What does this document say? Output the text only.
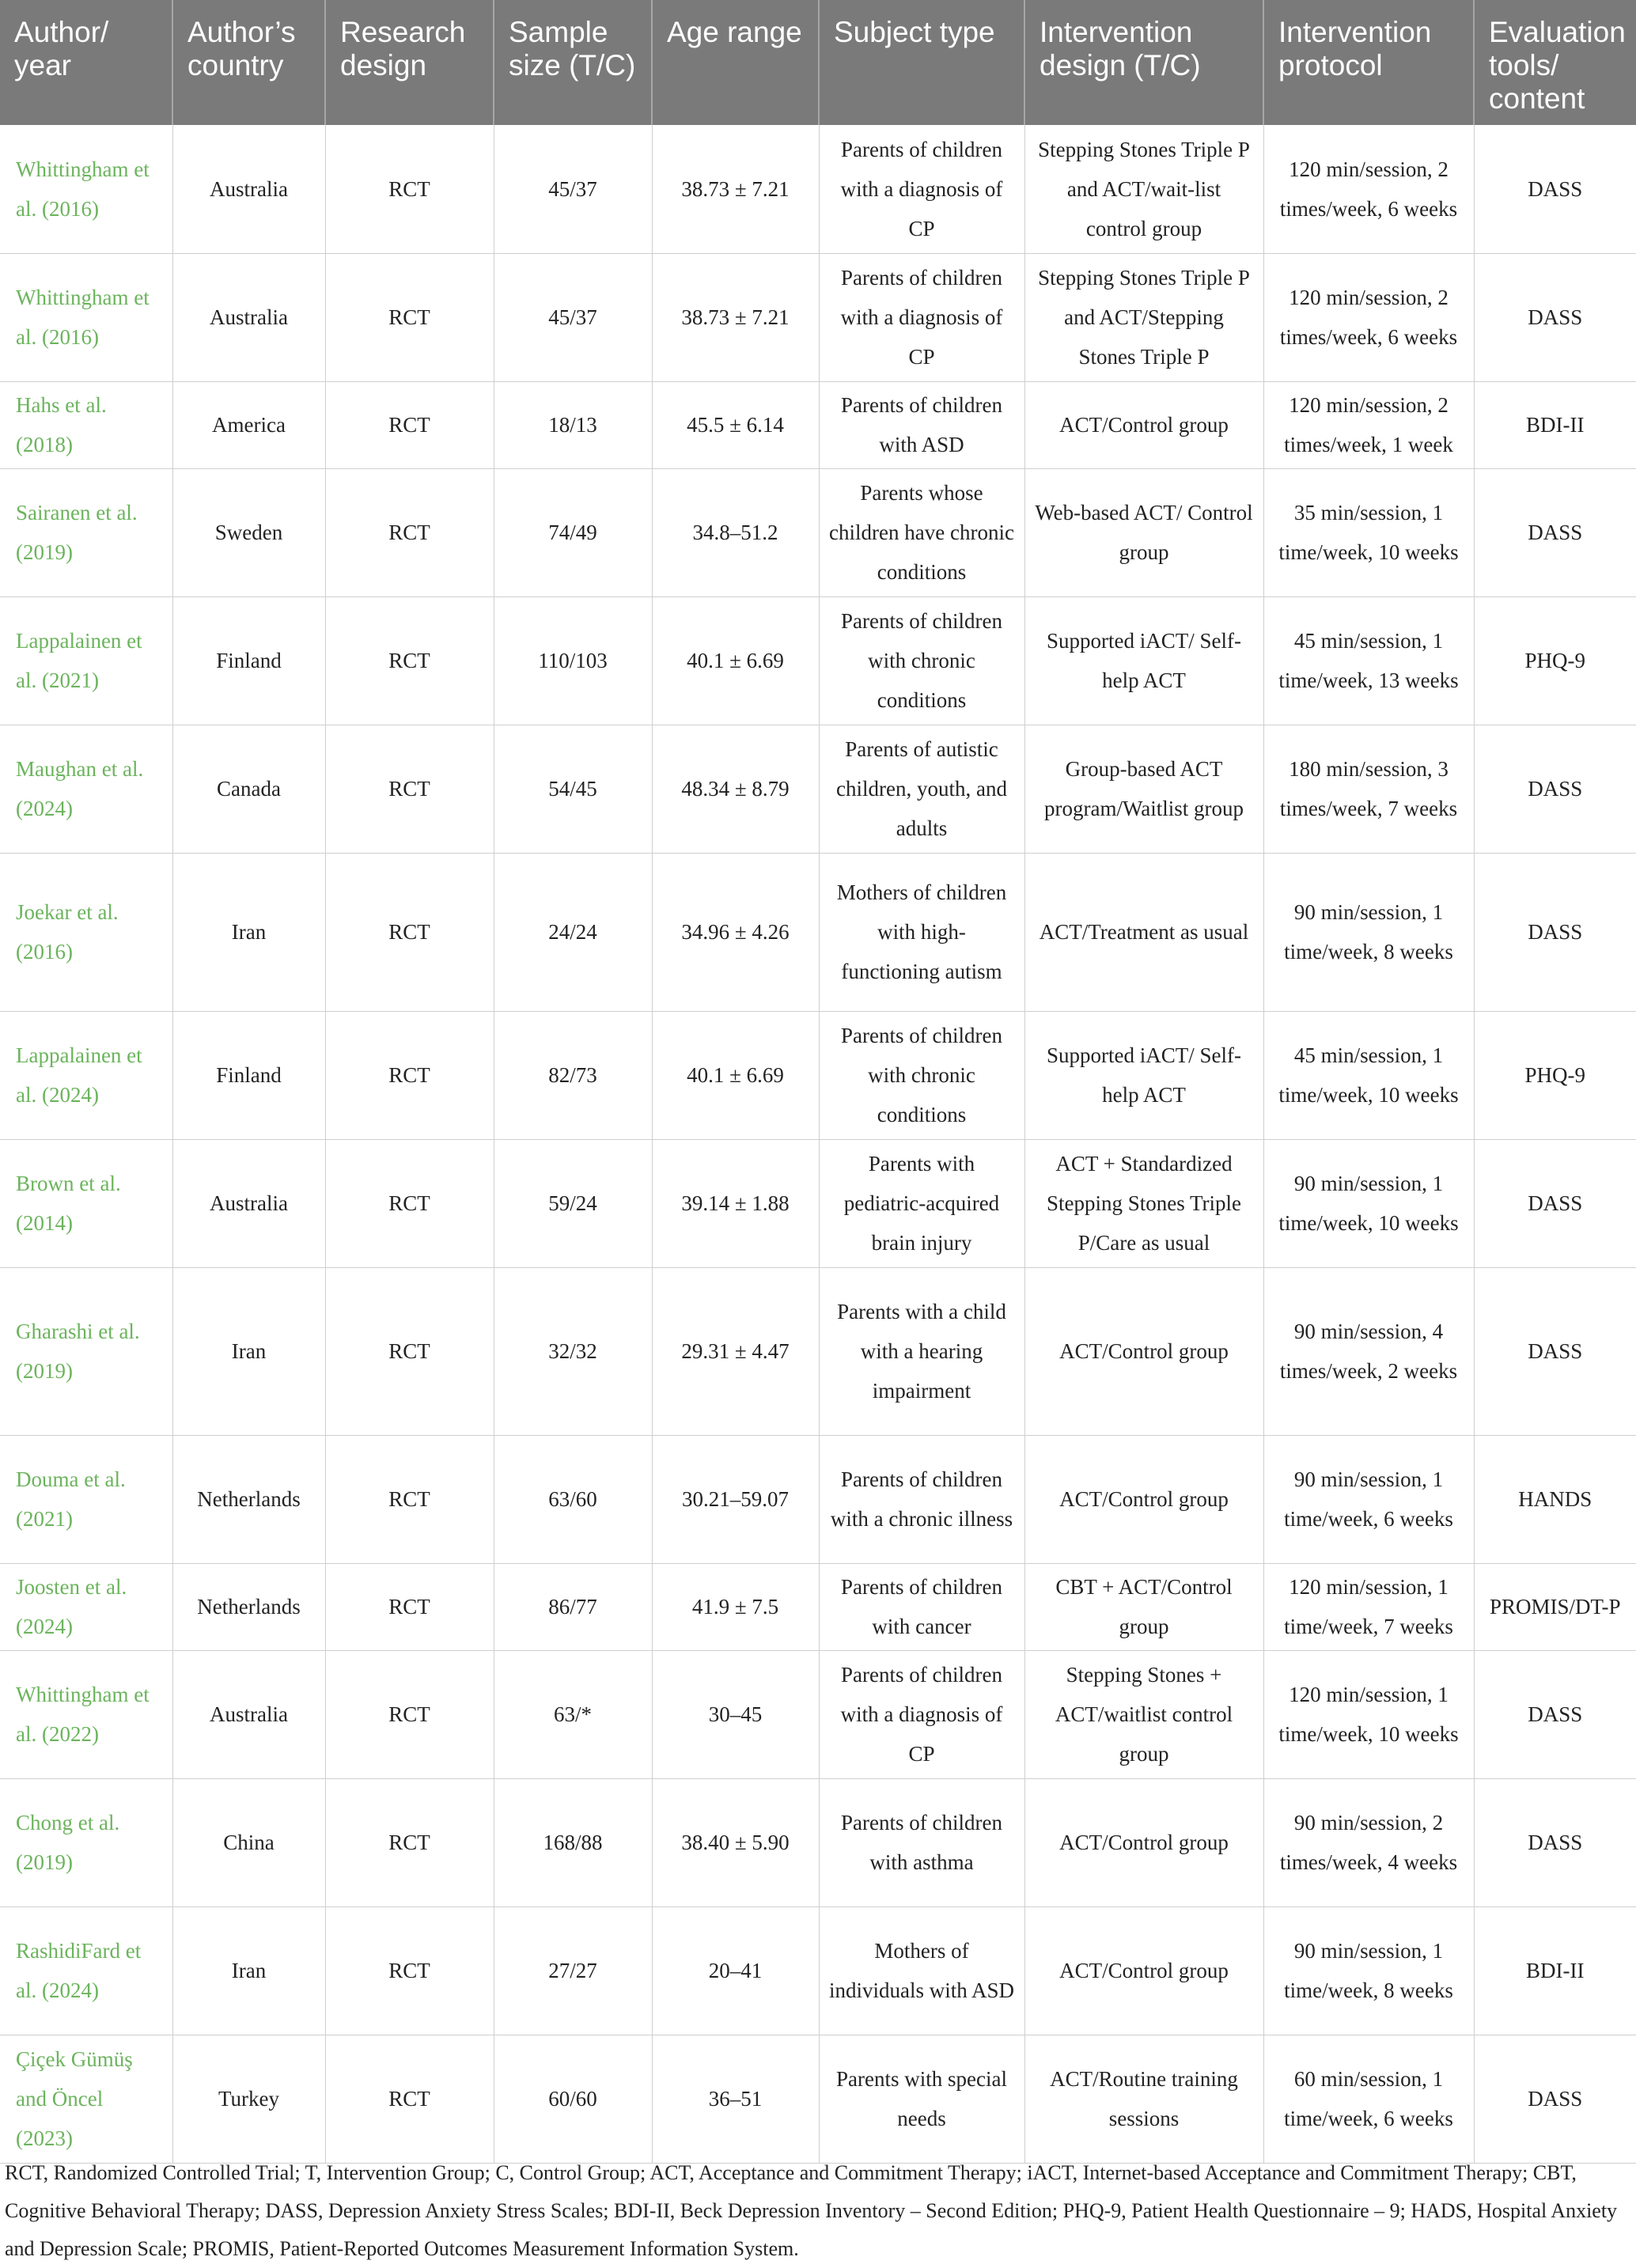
Author/ year	Author’s country	Research design	Sample size (T/C)	Age range	Subject type	Intervention design (T/C)	Intervention protocol	Evaluation tools/ content
Whittingham et al. (2016)	Australia	RCT	45/37	38.73 ± 7.21	Parents of children with a diagnosis of CP	Stepping Stones Triple P and ACT/wait-list control group	120 min/session, 2 times/week, 6 weeks	DASS
Whittingham et al. (2016)	Australia	RCT	45/37	38.73 ± 7.21	Parents of children with a diagnosis of CP	Stepping Stones Triple P and ACT/Stepping Stones Triple P	120 min/session, 2 times/week, 6 weeks	DASS
Hahs et al. (2018)	America	RCT	18/13	45.5 ± 6.14	Parents of children with ASD	ACT/Control group	120 min/session, 2 times/week, 1 week	BDI-II
Sairanen et al. (2019)	Sweden	RCT	74/49	34.8–51.2	Parents whose children have chronic conditions	Web-based ACT/ Control group	35 min/session, 1 time/week, 10 weeks	DASS
Lappalainen et al. (2021)	Finland	RCT	110/103	40.1 ± 6.69	Parents of children with chronic conditions	Supported iACT/ Self-help ACT	45 min/session, 1 time/week, 13 weeks	PHQ-9
Maughan et al. (2024)	Canada	RCT	54/45	48.34 ± 8.79	Parents of autistic children, youth, and adults	Group-based ACT program/Waitlist group	180 min/session, 3 times/week, 7 weeks	DASS
Joekar et al. (2016)	Iran	RCT	24/24	34.96 ± 4.26	Mothers of children with high-functioning autism	ACT/Treatment as usual	90 min/session, 1 time/week, 8 weeks	DASS
Lappalainen et al. (2024)	Finland	RCT	82/73	40.1 ± 6.69	Parents of children with chronic conditions	Supported iACT/ Self-help ACT	45 min/session, 1 time/week, 10 weeks	PHQ-9
Brown et al. (2014)	Australia	RCT	59/24	39.14 ± 1.88	Parents with pediatric-acquired brain injury	ACT + Standardized Stepping Stones Triple P/Care as usual	90 min/session, 1 time/week, 10 weeks	DASS
Gharashi et al. (2019)	Iran	RCT	32/32	29.31 ± 4.47	Parents with a child with a hearing impairment	ACT/Control group	90 min/session, 4 times/week, 2 weeks	DASS
Douma et al. (2021)	Netherlands	RCT	63/60	30.21–59.07	Parents of children with a chronic illness	ACT/Control group	90 min/session, 1 time/week, 6 weeks	HANDS
Joosten et al. (2024)	Netherlands	RCT	86/77	41.9 ± 7.5	Parents of children with cancer	CBT + ACT/Control group	120 min/session, 1 time/week, 7 weeks	PROMIS/DT-P
Whittingham et al. (2022)	Australia	RCT	63/*	30–45	Parents of children with a diagnosis of CP	Stepping Stones + ACT/waitlist control group	120 min/session, 1 time/week, 10 weeks	DASS
Chong et al. (2019)	China	RCT	168/88	38.40 ± 5.90	Parents of children with asthma	ACT/Control group	90 min/session, 2 times/week, 4 weeks	DASS
RashidiFard et al. (2024)	Iran	RCT	27/27	20–41	Mothers of individuals with ASD	ACT/Control group	90 min/session, 1 time/week, 8 weeks	BDI-II
Çiçek Gümüş and Öncel (2023)	Turkey	RCT	60/60	36–51	Parents with special needs	ACT/Routine training sessions	60 min/session, 1 time/week, 6 weeks	DASS
RCT, Randomized Controlled Trial; T, Intervention Group; C, Control Group; ACT, Acceptance and Commitment Therapy; iACT, Internet-based Acceptance and Commitment Therapy; CBT, Cognitive Behavioral Therapy; DASS, Depression Anxiety Stress Scales; BDI-II, Beck Depression Inventory – Second Edition; PHQ-9, Patient Health Questionnaire – 9; HADS, Hospital Anxiety and Depression Scale; PROMIS, Patient-Reported Outcomes Measurement Information System.
